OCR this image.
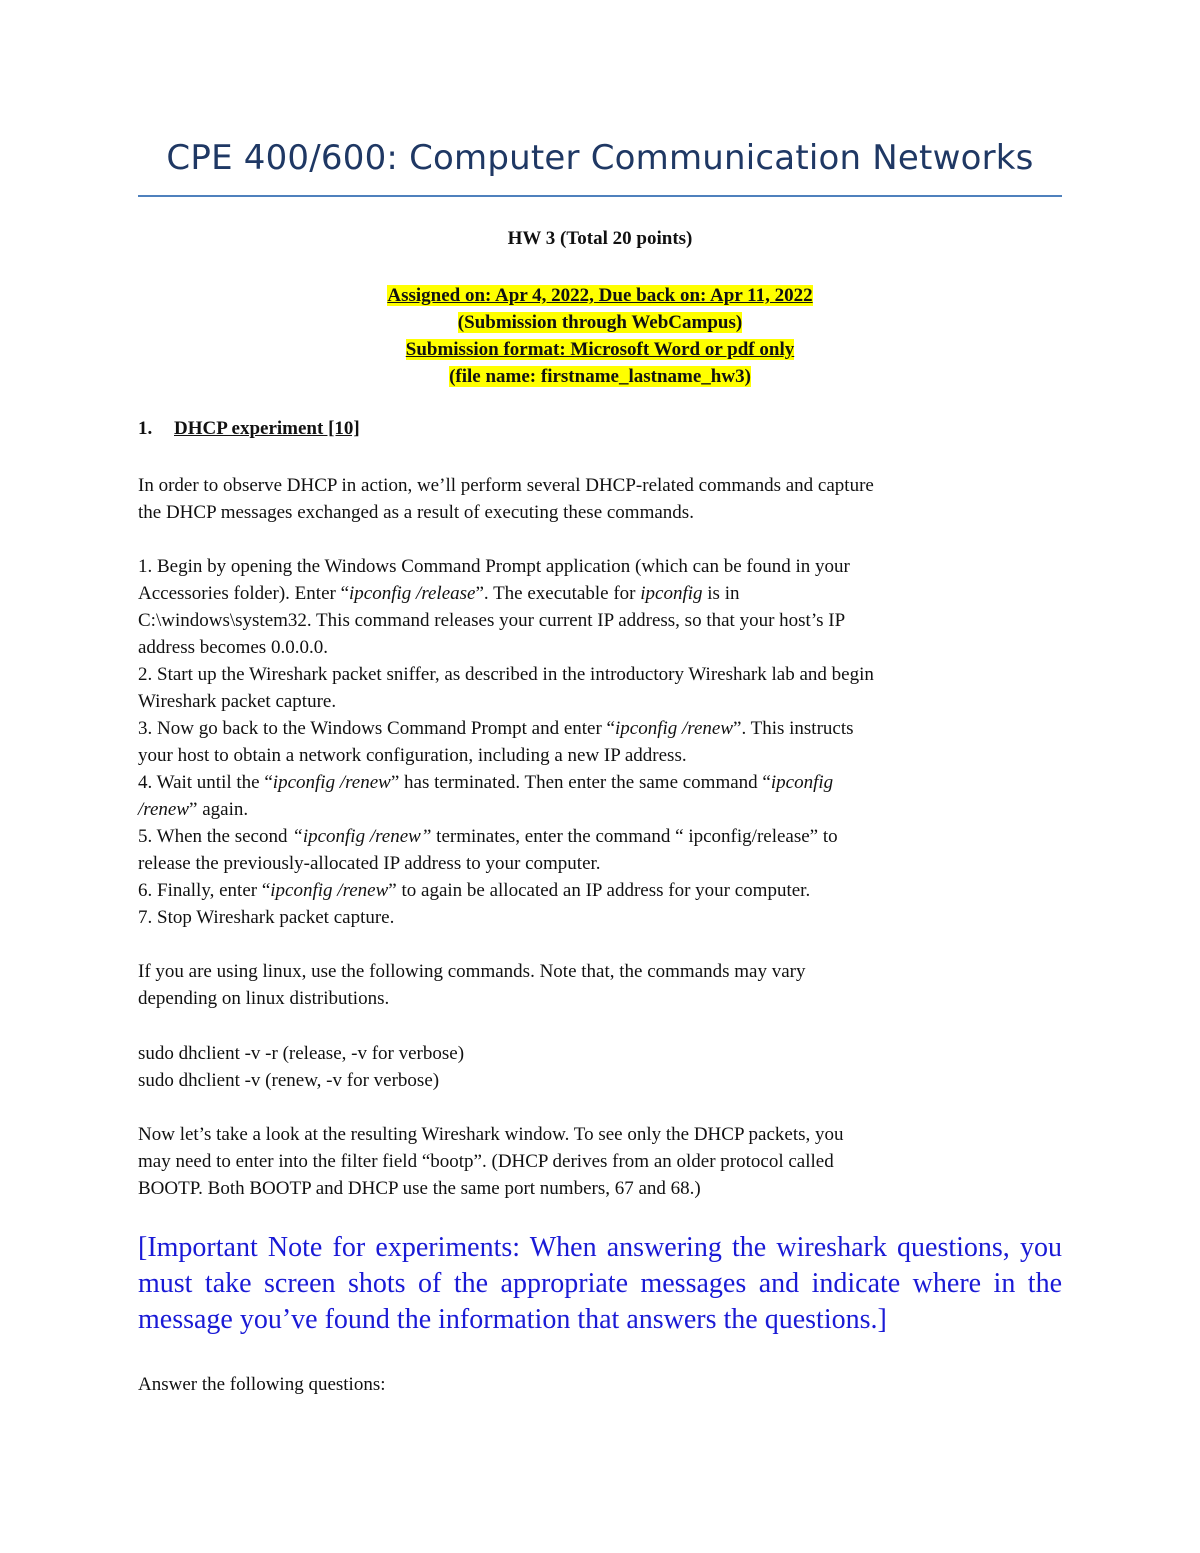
CPE 400/600: Computer Communication Networks
HW 3 (Total 20 points)
Assigned on: Apr 4, 2022, Due back on: Apr 11, 2022
(Submission through WebCampus)
Submission format: Microsoft Word or pdf only
(file name: firstname_lastname_hw3)
1. DHCP experiment [10]

In order to observe DHCP in action, we’ll perform several DHCP-related commands and capture

the DHCP messages exchanged as a result of executing these commands.

1. Begin by opening the Windows Command Prompt application (which can be found in your

Accessories folder). Enter “ipconfig /release”. The executable for ipconfig is in

C:\windows\system32. This command releases your current IP address, so that your host’s IP

address becomes 0.0.0.0.

2. Start up the Wireshark packet sniffer, as described in the introductory Wireshark lab and begin

Wireshark packet capture.

3. Now go back to the Windows Command Prompt and enter “ipconfig /renew”. This instructs

your host to obtain a network configuration, including a new IP address.

4. Wait until the “ipconfig /renew” has terminated. Then enter the same command “ipconfig

/renew” again.

5. When the second “ipconfig /renew” terminates, enter the command “ ipconfig/release” to

release the previously-allocated IP address to your computer.

6. Finally, enter “ipconfig /renew” to again be allocated an IP address for your computer.

7. Stop Wireshark packet capture.

If you are using linux, use the following commands. Note that, the commands may vary

depending on linux distributions.

sudo dhclient -v -r (release, -v for verbose)

sudo dhclient -v (renew, -v for verbose)

Now let’s take a look at the resulting Wireshark window. To see only the DHCP packets, you

may need to enter into the filter field “bootp”. (DHCP derives from an older protocol called

BOOTP. Both BOOTP and DHCP use the same port numbers, 67 and 68.)

[Important Note for experiments: When answering the wireshark questions, you must take screen shots of the appropriate messages and indicate where in the message you’ve found the information that answers the questions.]
Answer the following questions:
